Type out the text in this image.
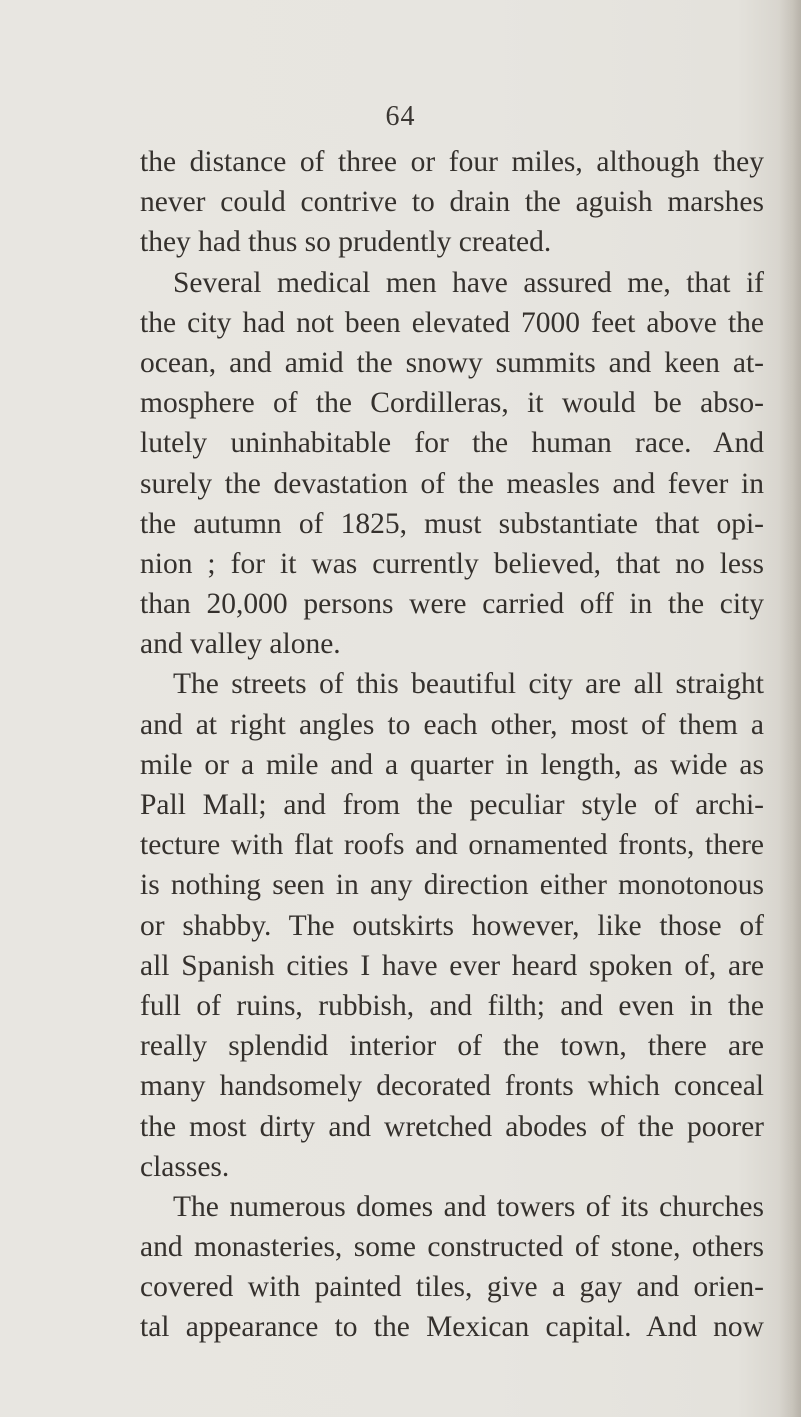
64
the distance of three or four miles, although they
never could contrive to drain the aguish marshes
they had thus so prudently created.
Several medical men have assured me, that if
the city had not been elevated 7000 feet above the
ocean, and amid the snowy summits and keen at-
mosphere of the Cordilleras, it would be abso-
lutely uninhabitable for the human race. And
surely the devastation of the measles and fever in
the autumn of 1825, must substantiate that opi-
nion ; for it was currently believed, that no less
than 20,000 persons were carried off in the city
and valley alone.
The streets of this beautiful city are all straight
and at right angles to each other, most of them a
mile or a mile and a quarter in length, as wide as
Pall Mall; and from the peculiar style of archi-
tecture with flat roofs and ornamented fronts, there
is nothing seen in any direction either monotonous
or shabby. The outskirts however, like those of
all Spanish cities I have ever heard spoken of, are
full of ruins, rubbish, and filth; and even in the
really splendid interior of the town, there are
many handsomely decorated fronts which conceal
the most dirty and wretched abodes of the poorer
classes.
The numerous domes and towers of its churches
and monasteries, some constructed of stone, others
covered with painted tiles, give a gay and orien-
tal appearance to the Mexican capital. And now
